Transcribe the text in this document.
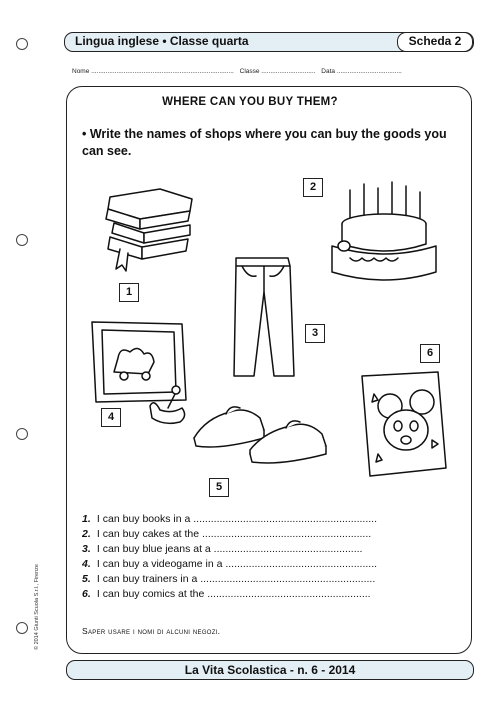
Lingua inglese • Classe quarta	Scheda 2
Nome ............................................................................... Classe .............................. Data ....................................
WHERE CAN YOU BUY THEM?
• Write the names of shops where you can buy the goods you can see.
1
2
3
4
5
6
1. I can buy books in a ...............................................................
2. I can buy cakes at the ..........................................................
3. I can buy blue jeans at a ...................................................
4. I can buy a videogame in a ....................................................
5. I can buy trainers in a ............................................................
6. I can buy comics at the ........................................................
Saper usare i nomi di alcuni negozi.
© 2014 Giunti Scuola S.r.l., Firenze
La Vita Scolastica - n. 6 - 2014
